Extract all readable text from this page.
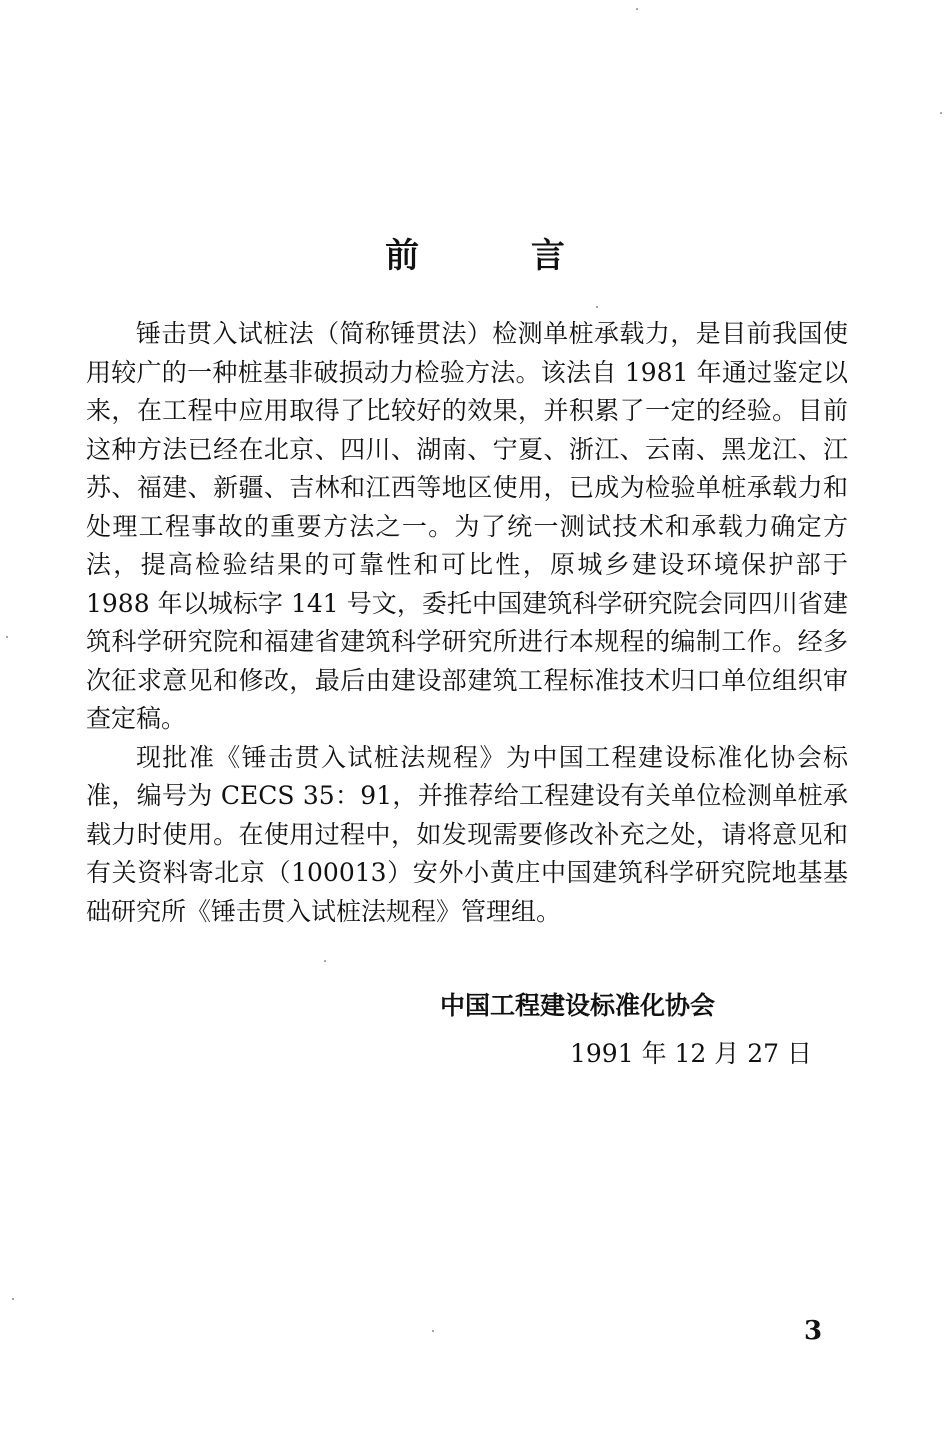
前 言

锤击贯入试桩法（简称锤贯法）检测单桩承载力，是目前我国使用较广的一种桩基非破损动力检验方法。该法自 1981 年通过鉴定以来，在工程中应用取得了比较好的效果，并积累了一定的经验。目前这种方法已经在北京、四川、湖南、宁夏、浙江、云南、黑龙江、江苏、福建、新疆、吉林和江西等地区使用，已成为检验单桩承载力和处理工程事故的重要方法之一。为了统一测试技术和承载力确定方法，提高检验结果的可靠性和可比性，原城乡建设环境保护部于 1988 年以城标字 141 号文，委托中国建筑科学研究院会同四川省建筑科学研究院和福建省建筑科学研究所进行本规程的编制工作。经多次征求意见和修改，最后由建设部建筑工程标准技术归口单位组织审查定稿。

现批准《锤击贯入试桩法规程》为中国工程建设标准化协会标准，编号为 CECS 35：91，并推荐给工程建设有关单位检测单桩承载力时使用。在使用过程中，如发现需要修改补充之处，请将意见和有关资料寄北京（100013）安外小黄庄中国建筑科学研究院地基基础研究所《锤击贯入试桩法规程》管理组。

中国工程建设标准化协会
1991 年 12 月 27 日
3
